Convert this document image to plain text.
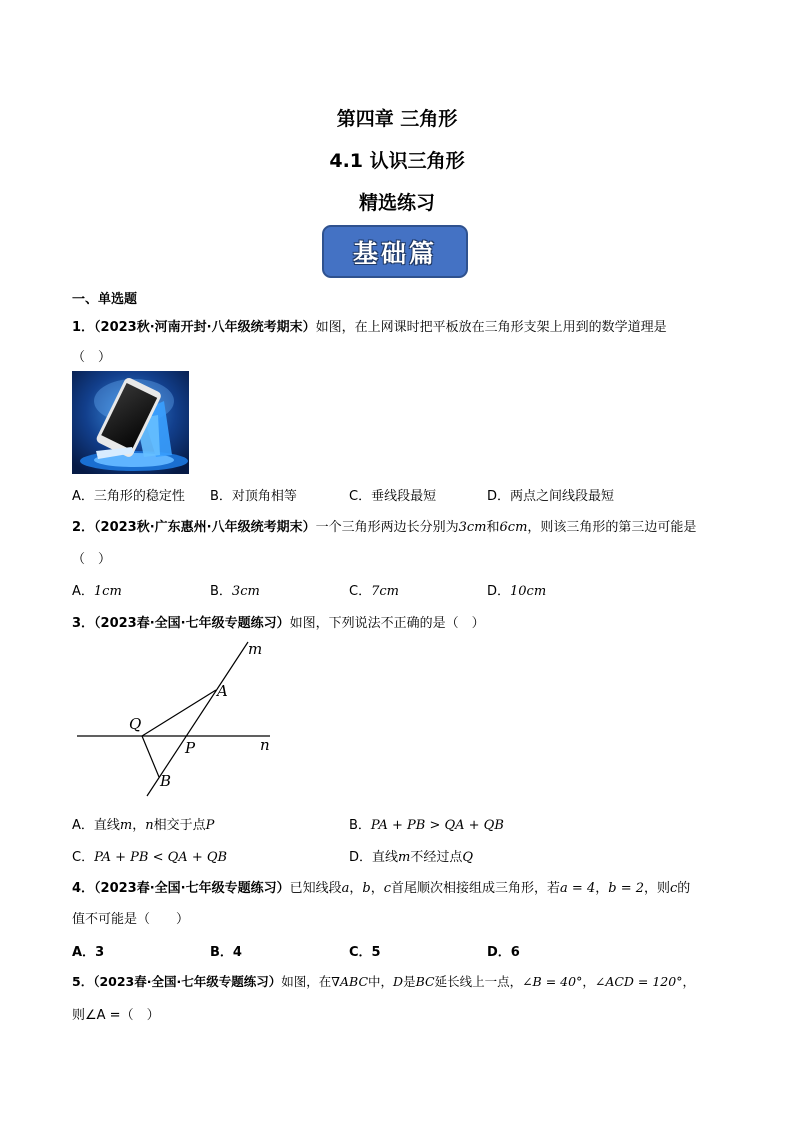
第四章 三角形
4.1 认识三角形
精选练习
基础篇
一、单选题
1．（2023秋·河南开封·八年级统考期末）如图，在上网课时把平板放在三角形支架上用到的数学道理是
（　）
A．三角形的稳定性 B．对顶角相等	C．垂线段最短	D．两点之间线段最短
2．（2023秋·广东惠州·八年级统考期末）一个三角形两边长分别为3cm和6cm，则该三角形的第三边可能是
（　）
A．1cm	B．3cm	C．7cm	D．10cm
3．（2023春·全国·七年级专题练习）如图，下列说法不正确的是（　）
m
n
A
P
Q
B
A．直线m，n相交于点P	B．PA + PB > QA + QB
C．PA + PB < QA + QB	D．直线m不经过点Q
4．（2023春·全国·七年级专题练习）已知线段a，b，c首尾顺次相接组成三角形，若a = 4，b = 2，则c的
值不可能是（　　）
A．3	B．4	C．5	D．6
5．（2023春·全国·七年级专题练习）如图，在∇ABC中，D是BC延长线上一点，∠B = 40°，∠ACD = 120°，
则∠A =（　）
